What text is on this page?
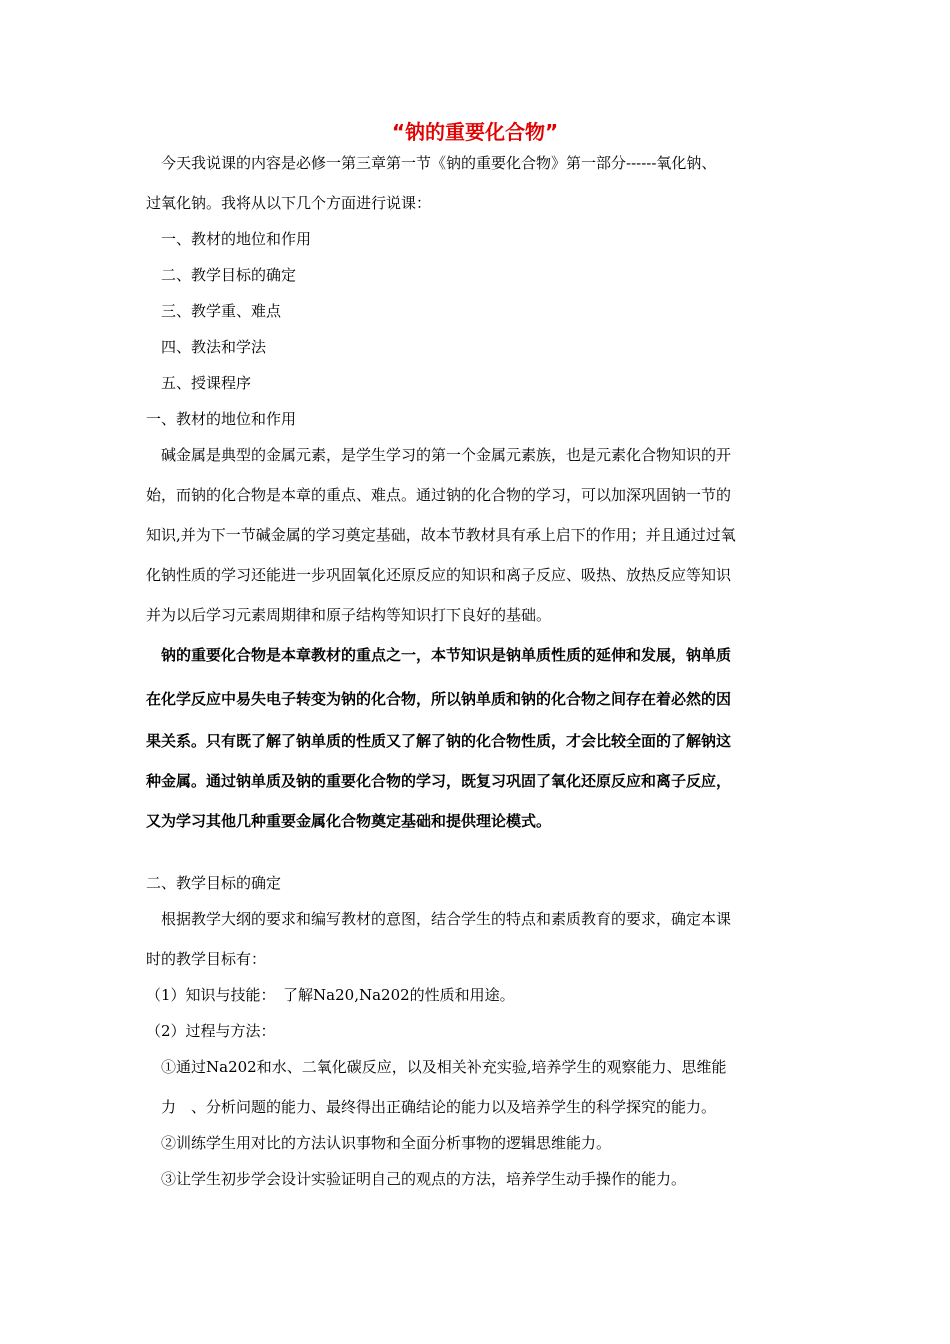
“钠的重要化合物”
　今天我说课的内容是必修一第三章第一节《钠的重要化合物》第一部分------氧化钠、
过氧化钠。我将从以下几个方面进行说课：
　一、教材的地位和作用
　二、教学目标的确定
　三、教学重、难点
　四、教法和学法
　五、授课程序
一、教材的地位和作用
　碱金属是典型的金属元素，是学生学习的第一个金属元素族，也是元素化合物知识的开
始，而钠的化合物是本章的重点、难点。通过钠的化合物的学习，可以加深巩固钠一节的
知识,并为下一节碱金属的学习奠定基础，故本节教材具有承上启下的作用；并且通过过氧
化钠性质的学习还能进一步巩固氧化还原反应的知识和离子反应、吸热、放热反应等知识
并为以后学习元素周期律和原子结构等知识打下良好的基础。
　钠的重要化合物是本章教材的重点之一，本节知识是钠单质性质的延伸和发展，钠单质
在化学反应中易失电子转变为钠的化合物，所以钠单质和钠的化合物之间存在着必然的因
果关系。只有既了解了钠单质的性质又了解了钠的化合物性质，才会比较全面的了解钠这
种金属。通过钠单质及钠的重要化合物的学习，既复习巩固了氧化还原反应和离子反应，
又为学习其他几种重要金属化合物奠定基础和提供理论模式。
二、教学目标的确定
　根据教学大纲的要求和编写教材的意图，结合学生的特点和素质教育的要求，确定本课
时的教学目标有：
（1）知识与技能：　了解Na20,Na202的性质和用途。
（2）过程与方法：
　①通过Na202和水、二氧化碳反应，以及相关补充实验,培养学生的观察能力、思维能
　力　、分析问题的能力、最终得出正确结论的能力以及培养学生的科学探究的能力。
　②训练学生用对比的方法认识事物和全面分析事物的逻辑思维能力。
　③让学生初步学会设计实验证明自己的观点的方法，培养学生动手操作的能力。
